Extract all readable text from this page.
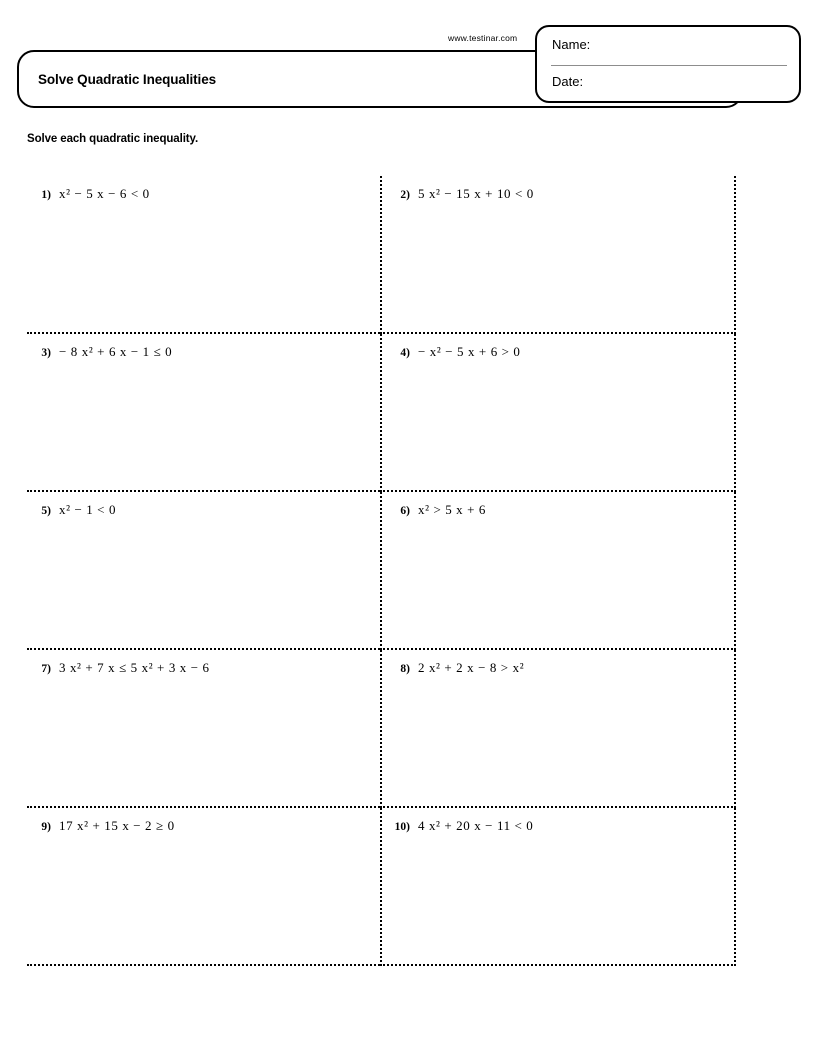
www.testinar.com
Solve Quadratic Inequalities
Name:
Date:
Solve each quadratic inequality.
1) x² − 5 x − 6 < 0	2) 5 x² − 15 x + 10 < 0
3) − 8 x² + 6 x − 1 ≤ 0	4) − x² − 5 x + 6 > 0
5) x² − 1 < 0	6) x² > 5 x + 6
7) 3 x² + 7 x ≤ 5 x² + 3 x − 6	8) 2 x² + 2 x − 8 > x²
9) 17 x² + 15 x − 2 ≥ 0	10) 4 x² + 20 x − 11 < 0
